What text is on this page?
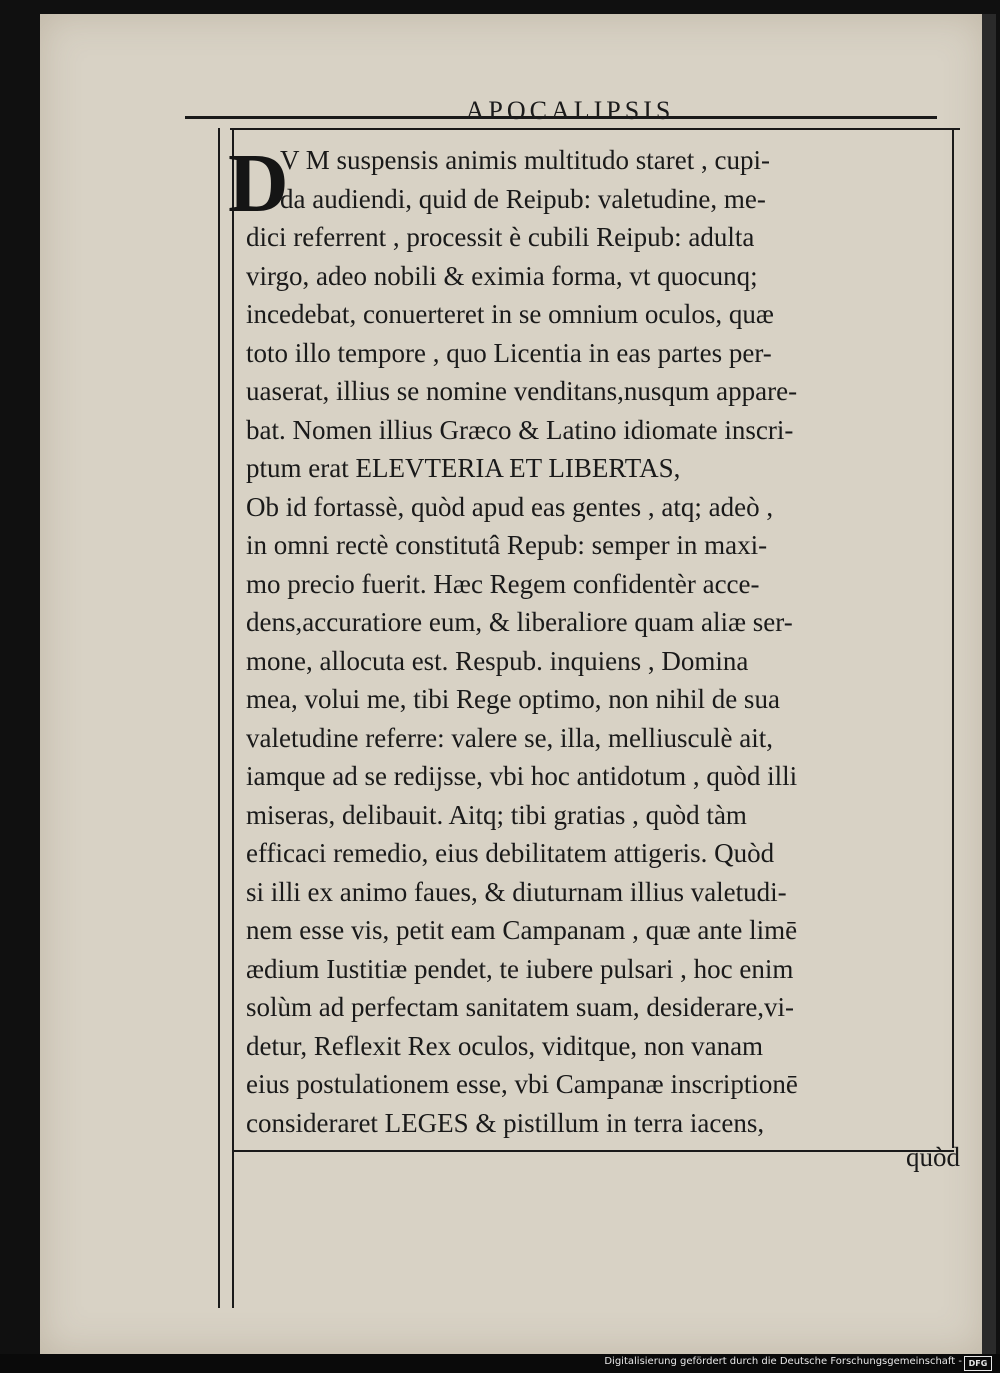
APOCALIPSIS
D
V M suspensis animis multitudo staret , cupi-
da audiendi, quid de Reipub: valetudine, me-
dici referrent , processit è cubili Reipub: adulta
virgo, adeo nobili & eximia forma, vt quocunq;
incedebat, conuerteret in se omnium oculos, quæ
toto illo tempore , quo Licentia in eas partes per-
uaserat, illius se nomine venditans,nusqum appare-
bat. Nomen illius Græco & Latino idiomate inscri-
ptum erat ELEVTERIA ET LIBERTAS,
Ob id fortassè, quòd apud eas gentes , atq; adeò ,
in omni rectè constitutâ Repub: semper in maxi-
mo precio fuerit. Hæc Regem confidentèr acce-
dens,accuratiore eum, & liberaliore quam aliæ ser-
mone, allocuta est. Respub. inquiens , Domina
mea, volui me, tibi Rege optimo, non nihil de sua
valetudine referre: valere se, illa, melliusculè ait,
iamque ad se redijsse, vbi hoc antidotum , quòd illi
miseras, delibauit. Aitq; tibi gratias , quòd tàm
efficaci remedio, eius debilitatem attigeris. Quòd
si illi ex animo faues, & diuturnam illius valetudi-
nem esse vis, petit eam Campanam , quæ ante limē
ædium Iustitiæ pendet, te iubere pulsari , hoc enim
solùm ad perfectam sanitatem suam, desiderare,vi-
detur, Reflexit Rex oculos, viditque, non vanam
eius postulationem esse, vbi Campanæ inscriptionē
consideraret LEGES & pistillum in terra iacens,
quòd
Digitalisierung gefördert durch die Deutsche Forschungsgemeinschaft - DFG
